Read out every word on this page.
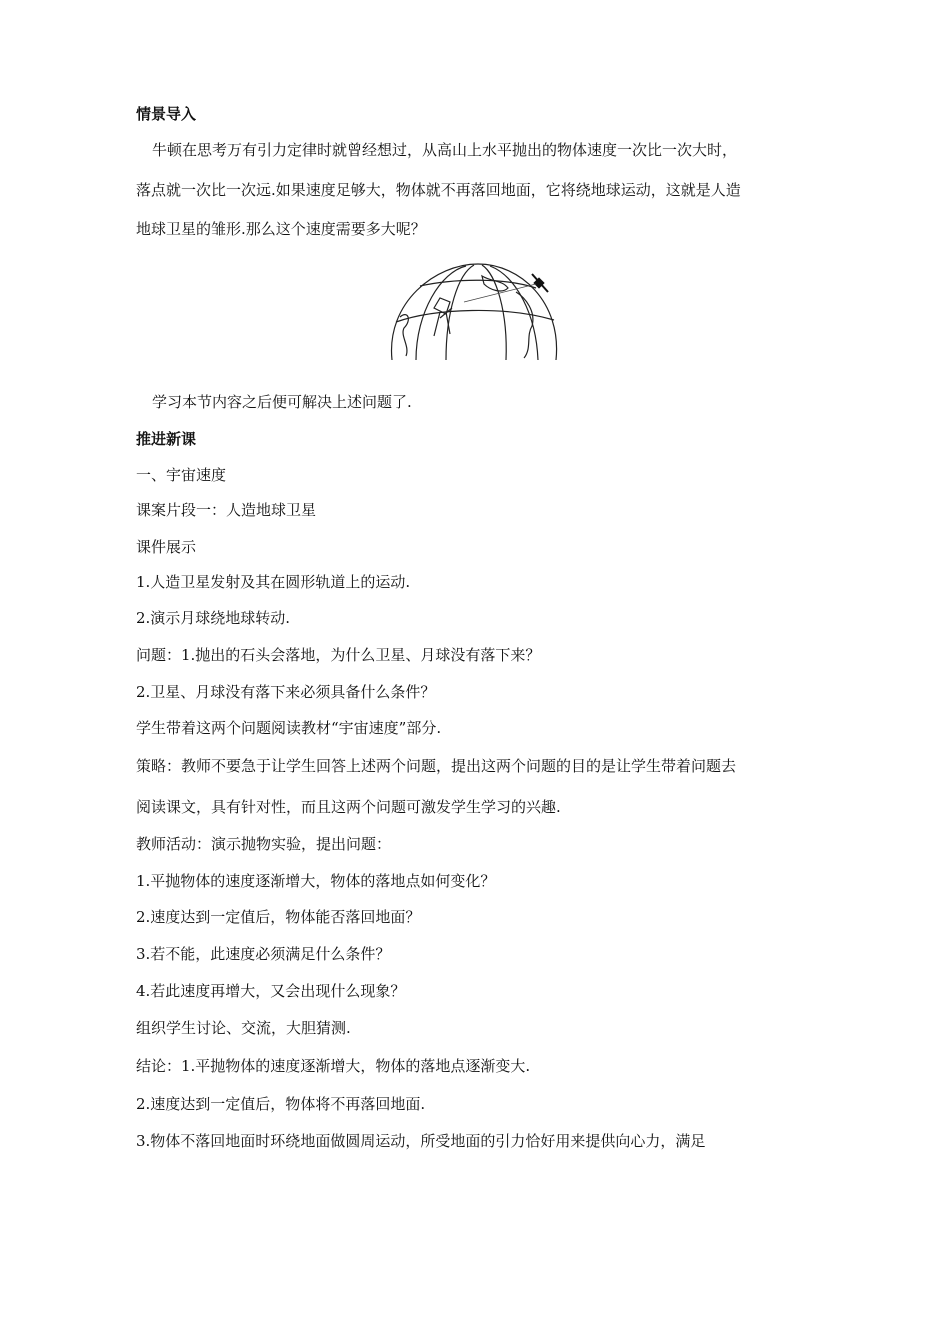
情景导入
牛顿在思考万有引力定律时就曾经想过，从高山上水平抛出的物体速度一次比一次大时，
落点就一次比一次远.如果速度足够大，物体就不再落回地面，它将绕地球运动，这就是人造
地球卫星的雏形.那么这个速度需要多大呢？
学习本节内容之后便可解决上述问题了.
推进新课
一、宇宙速度
课案片段一：人造地球卫星
课件展示
1.人造卫星发射及其在圆形轨道上的运动.
2.演示月球绕地球转动.
问题：1.抛出的石头会落地，为什么卫星、月球没有落下来？
2.卫星、月球没有落下来必须具备什么条件？
学生带着这两个问题阅读教材“宇宙速度”部分.
策略：教师不要急于让学生回答上述两个问题，提出这两个问题的目的是让学生带着问题去
阅读课文，具有针对性，而且这两个问题可激发学生学习的兴趣.
教师活动：演示抛物实验，提出问题：
1.平抛物体的速度逐渐增大，物体的落地点如何变化？
2.速度达到一定值后，物体能否落回地面？
3.若不能，此速度必须满足什么条件？
4.若此速度再增大，又会出现什么现象？
组织学生讨论、交流，大胆猜测.
结论：1.平抛物体的速度逐渐增大，物体的落地点逐渐变大.
2.速度达到一定值后，物体将不再落回地面.
3.物体不落回地面时环绕地面做圆周运动，所受地面的引力恰好用来提供向心力，满足
